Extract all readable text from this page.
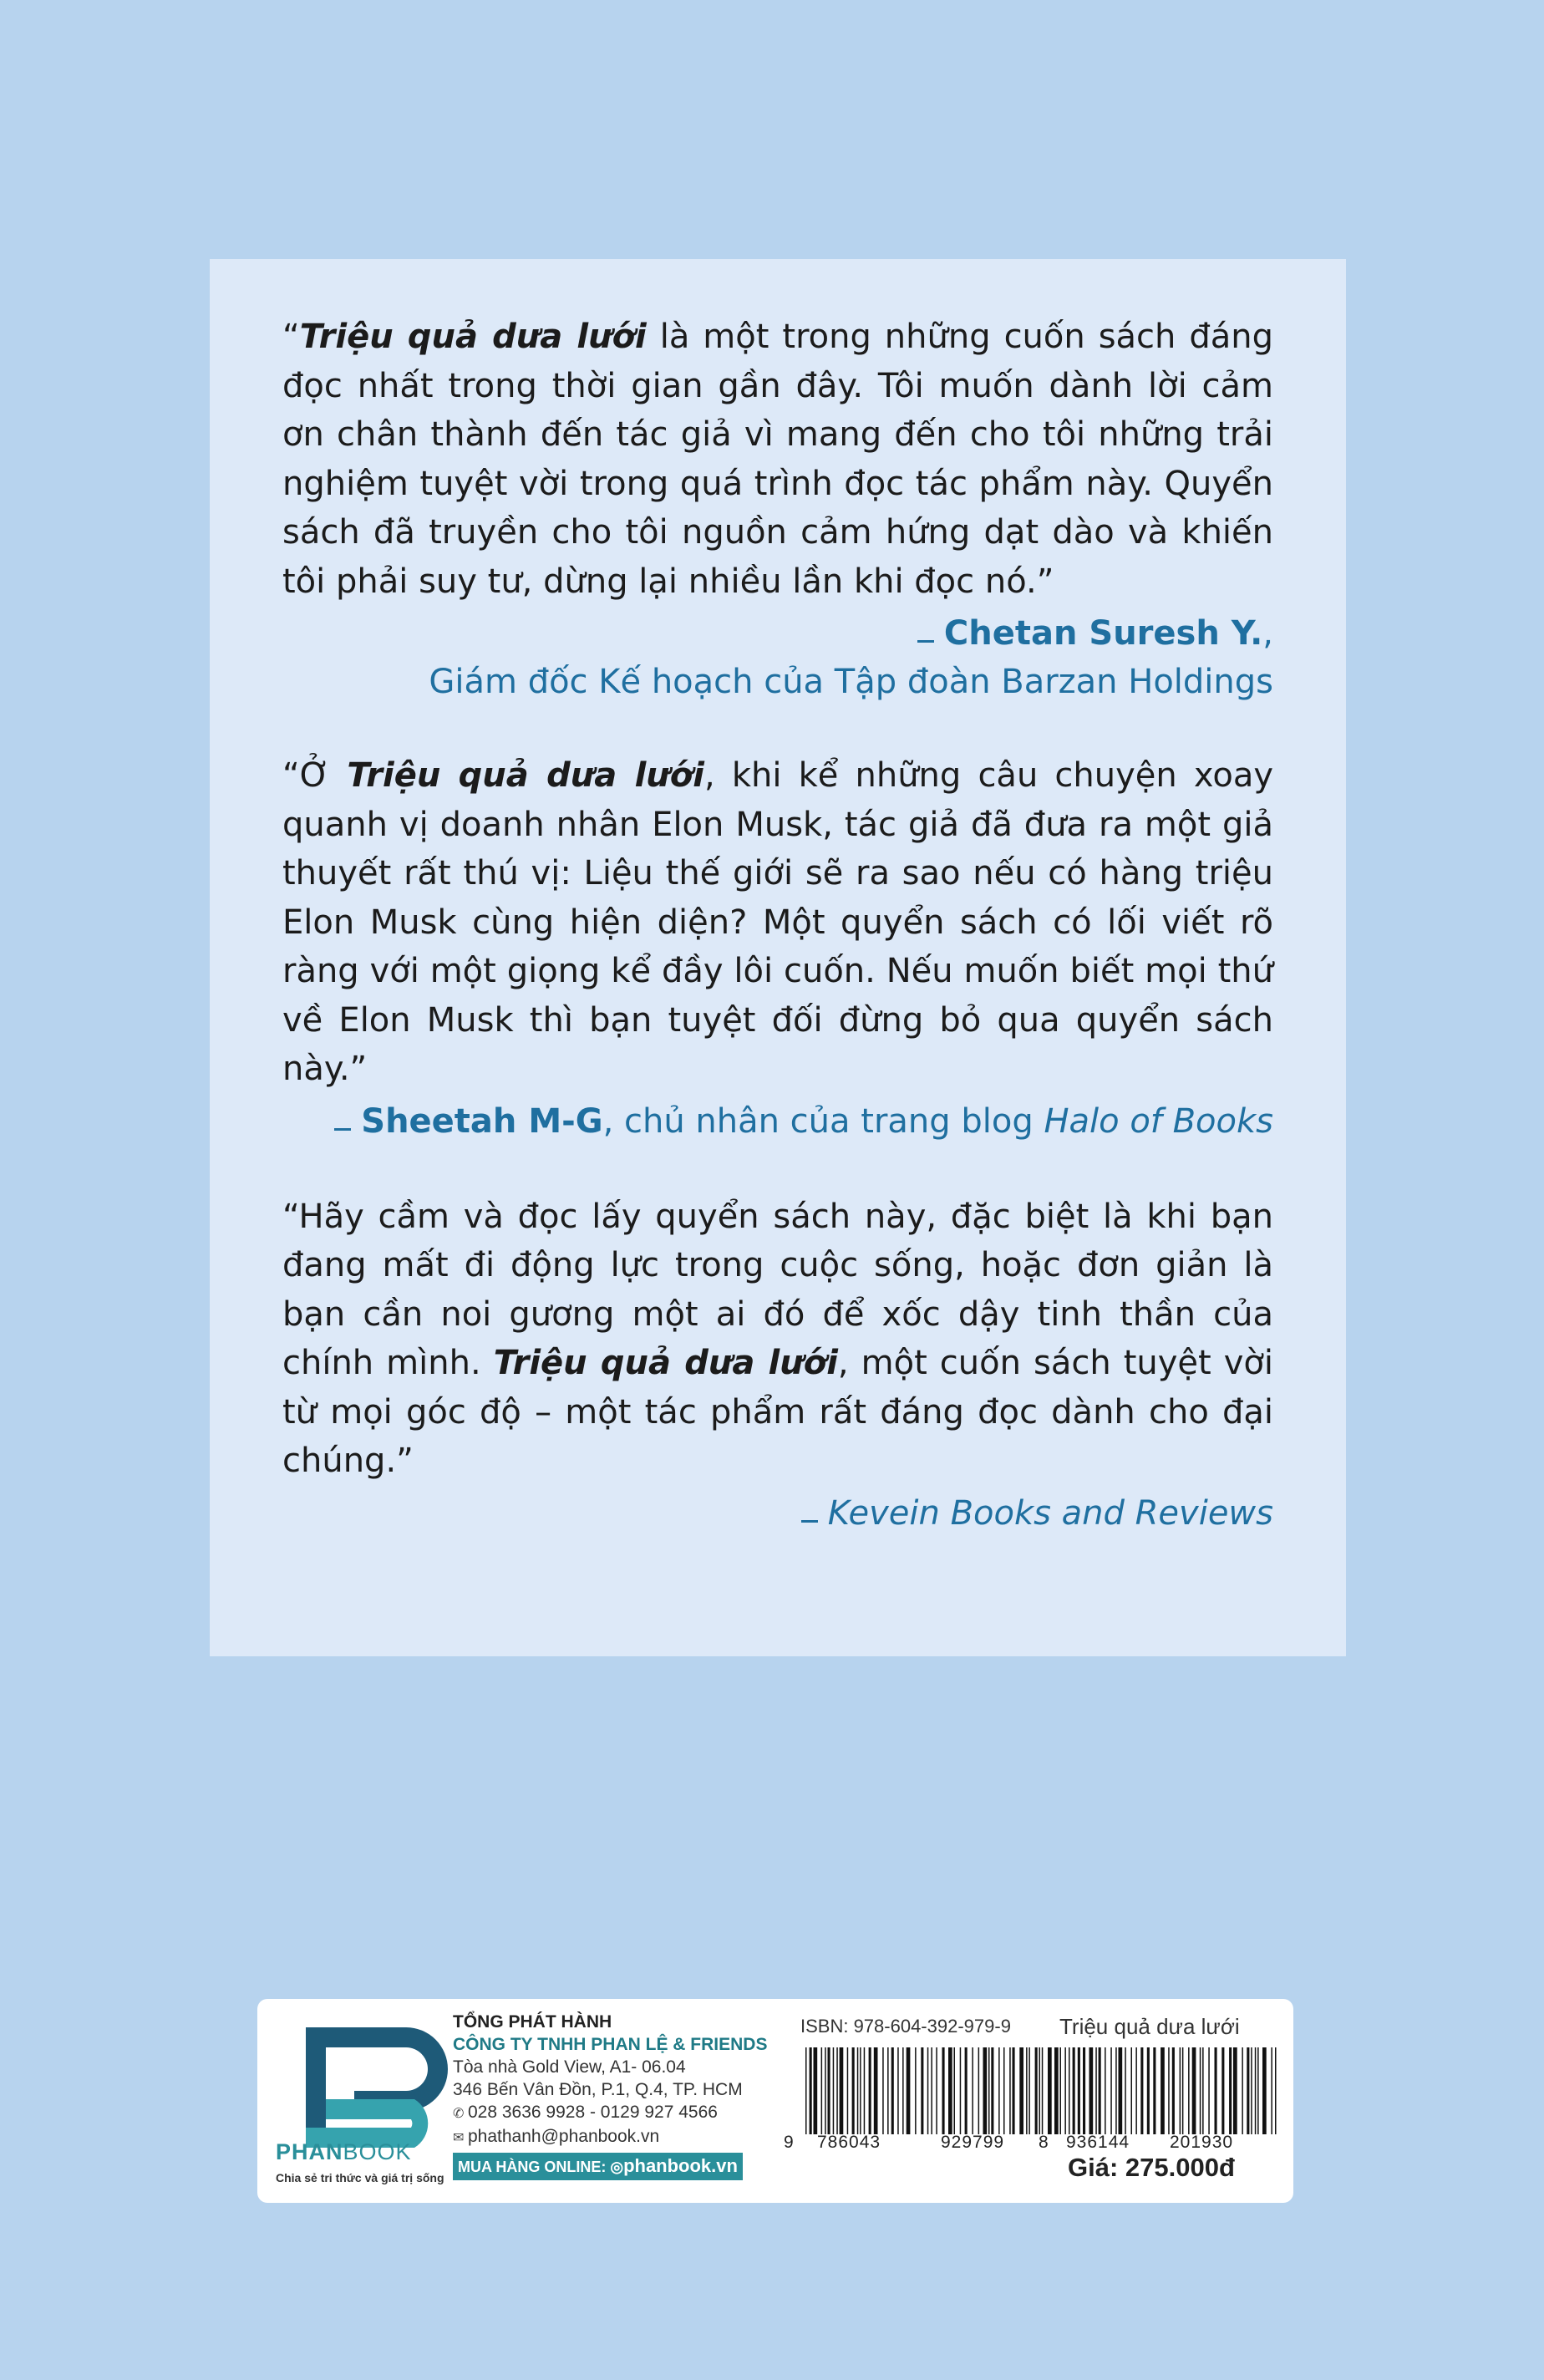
“Triệu quả dưa lưới là một trong những cuốn sách đáng đọc nhất trong thời gian gần đây. Tôi muốn dành lời cảm ơn chân thành đến tác giả vì mang đến cho tôi những trải nghiệm tuyệt vời trong quá trình đọc tác phẩm này. Quyển sách đã truyền cho tôi nguồn cảm hứng dạt dào và khiến tôi phải suy tư, dừng lại nhiều lần khi đọc nó.”

Chetan Suresh Y.,

Giám đốc Kế hoạch của Tập đoàn Barzan Holdings

“Ở Triệu quả dưa lưới, khi kể những câu chuyện xoay quanh vị doanh nhân Elon Musk, tác giả đã đưa ra một giả thuyết rất thú vị: Liệu thế giới sẽ ra sao nếu có hàng triệu Elon Musk cùng hiện diện? Một quyển sách có lối viết rõ ràng với một giọng kể đầy lôi cuốn. Nếu muốn biết mọi thứ về Elon Musk thì bạn tuyệt đối đừng bỏ qua quyển sách này.”

Sheetah M-G, chủ nhân của trang blog Halo of Books

“Hãy cầm và đọc lấy quyển sách này, đặc biệt là khi bạn đang mất đi động lực trong cuộc sống, hoặc đơn giản là bạn cần noi gương một ai đó để xốc dậy tinh thần của chính mình. Triệu quả dưa lưới, một cuốn sách tuyệt vời từ mọi góc độ – một tác phẩm rất đáng đọc dành cho đại chúng.”

Kevein Books and Reviews

PHANBOOK
Chia sẻ tri thức và giá trị sống
TỔNG PHÁT HÀNH
CÔNG TY TNHH PHAN LỆ & FRIENDS
Tòa nhà Gold View, A1- 06.04
346 Bến Vân Đồn, P.1, Q.4, TP. HCM
✆ 028 3636 9928 - 0129 927 4566
✉ phathanh@phanbook.vn
MUA HÀNG ONLINE: ◎phanbook.vn
ISBN: 978-604-392-979-9 Triệu quả dưa lưới
9 786043	929799 8 936144 201930
Giá: 275.000đ
